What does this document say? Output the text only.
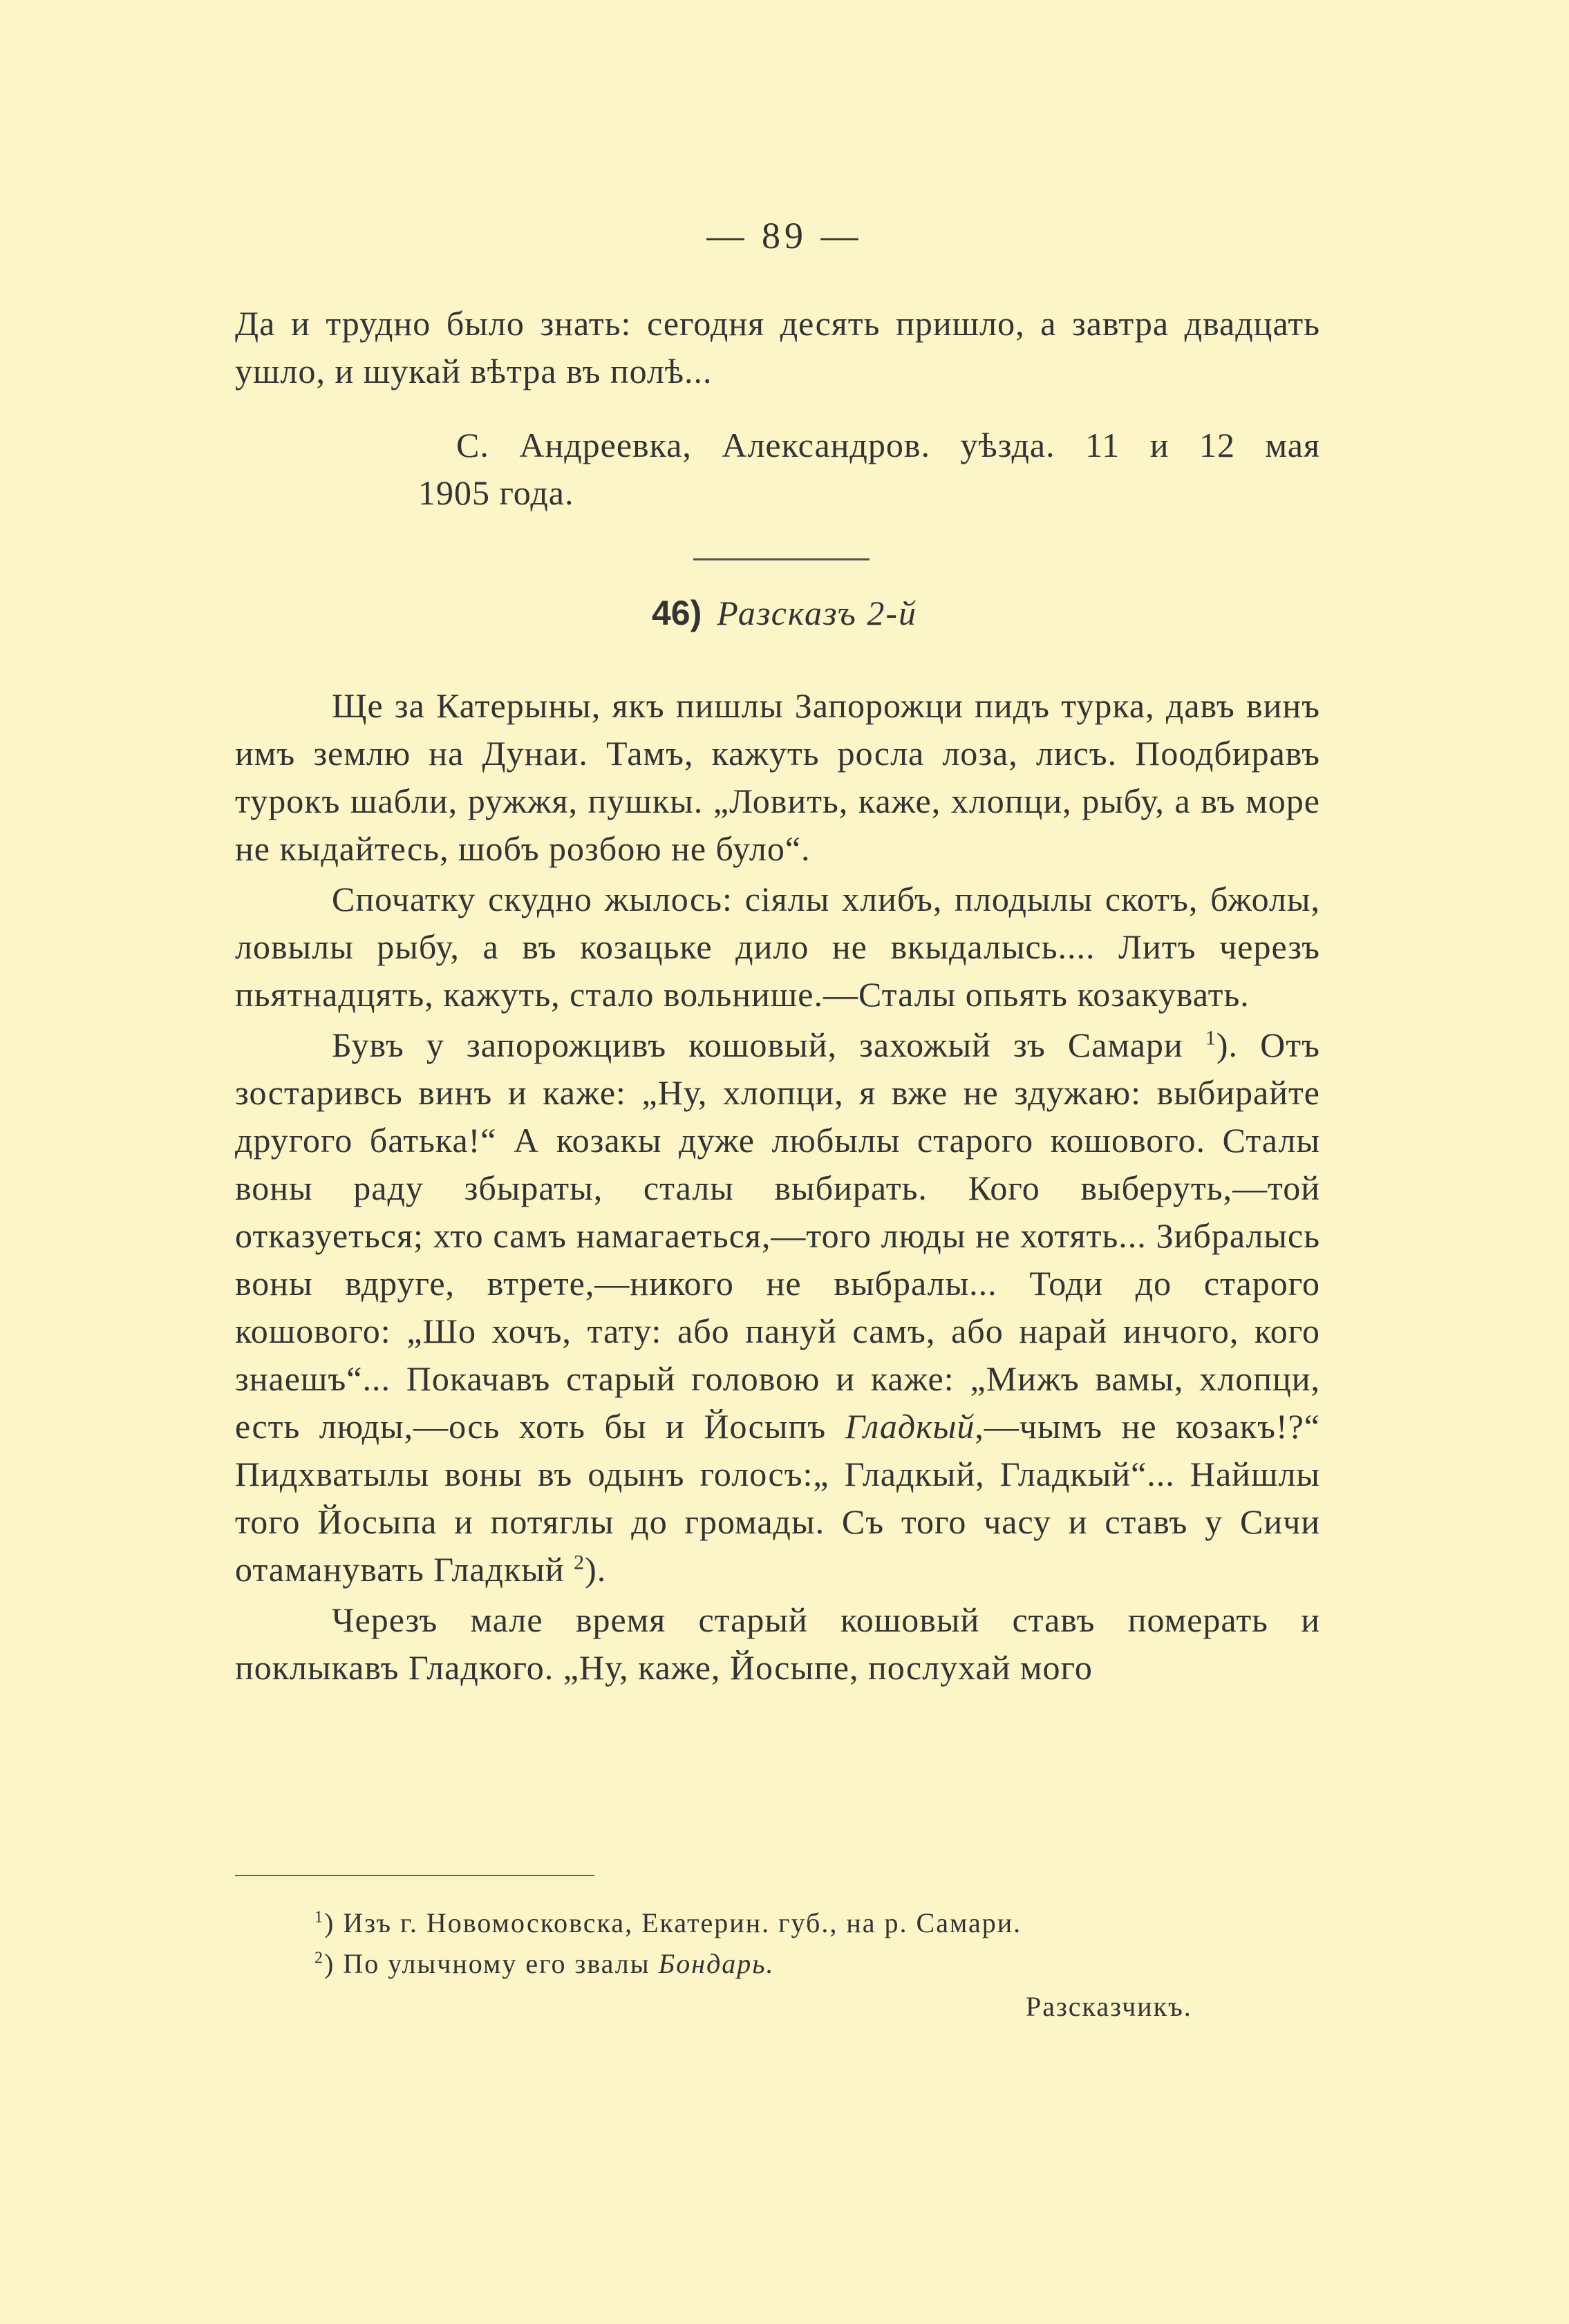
— 89 —

Да и трудно было знать: сегодня десять пришло, а завтра двадцать ушло, и шукай вѣтра въ полѣ...

С. Андреевка, Александров. уѣзда. 11 и 12 мая
1905 года.
46) Разсказъ 2-й

Ще за Катерыны, якъ пишлы Запорожци пидъ турка, давъ винъ имъ землю на Дунаи. Тамъ, кажуть росла лоза, лисъ. Поодбиравъ турокъ шабли, ружжя, пушкы. „Ловить, каже, хлопци, рыбу, а въ море не кыдайтесь, шобъ розбою не було“.

Спочатку скудно жылось: сіялы хлибъ, плодылы скотъ, бжолы, ловылы рыбу, а въ козацьке дило не вкыдалысь.... Литъ черезъ пьятнадцять, кажуть, стало вольнише.—Сталы опьять козакувать.

Бувъ у запорожцивъ кошовый, захожый зъ Самари $^1$). Отъ зостаривсь винъ и каже: „Ну, хлопци, я вже не здужаю: выбирайте другого батька!“ А козакы дуже любылы старого кошового. Сталы воны раду збыраты, сталы выбирать. Кого выберуть,—той отказуеться; хто самъ намагаеться,—того люды не хотять... Зибралысь воны вдруге, втрете,—никого не выбралы... Тоди до старого кошового: „Шо хочъ, тату: або пануй самъ, або нарай инчого, кого знаешъ“... Покачавъ старый головою и каже: „Мижъ вамы, хлопци, есть люды,—ось хоть бы и Йосыпъ Гладкый,—чымъ не козакъ!?“ Пидхватылы воны въ одынъ голосъ:„ Гладкый, Гладкый“... Найшлы того Йосыпа и потяглы до громады. Съ того часу и ставъ у Сичи отаманувать Гладкый $^2$).

Черезъ мале время старый кошовый ставъ померать и поклыкавъ Гладкого. „Ну, каже, Йосыпе, послухай мого

$^1$) Изъ г. Новомосковска, Екатерин. губ., на р. Самари.
$^2$) По улычному его звалы Бондарь.
Разсказчикъ.
